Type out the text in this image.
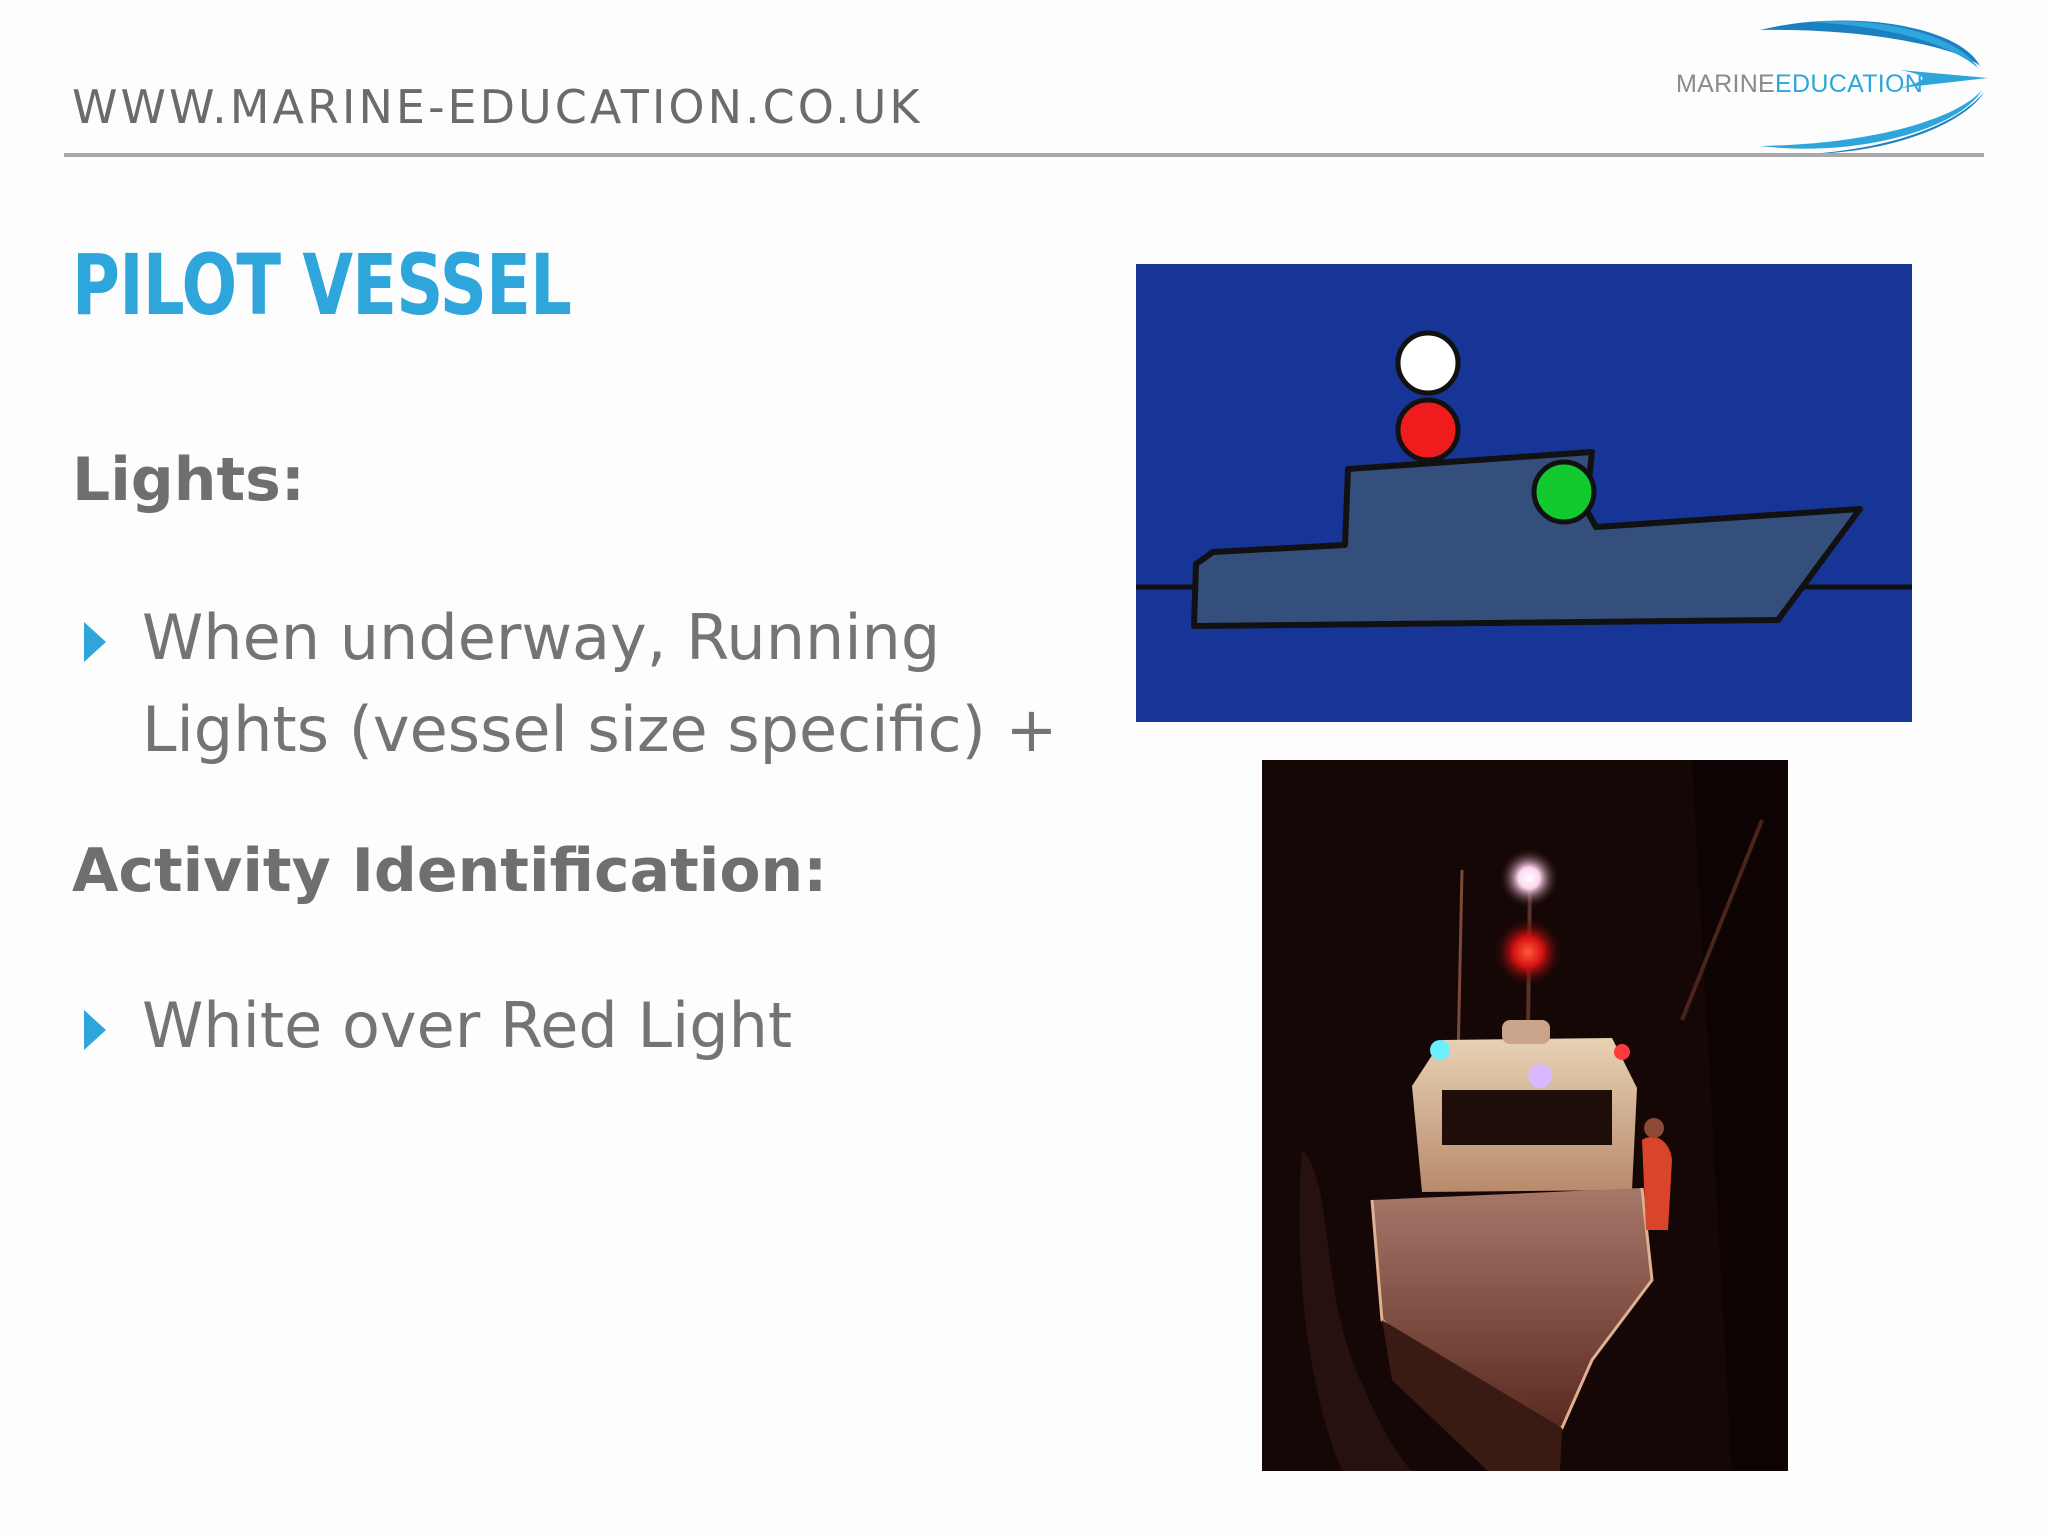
WWW.MARINE-EDUCATION.CO.UK	MARINEEDUCATION
PILOT VESSEL
Lights:
When underway, Running Lights (vessel size specific) +
Activity Identification:
White over Red Light
